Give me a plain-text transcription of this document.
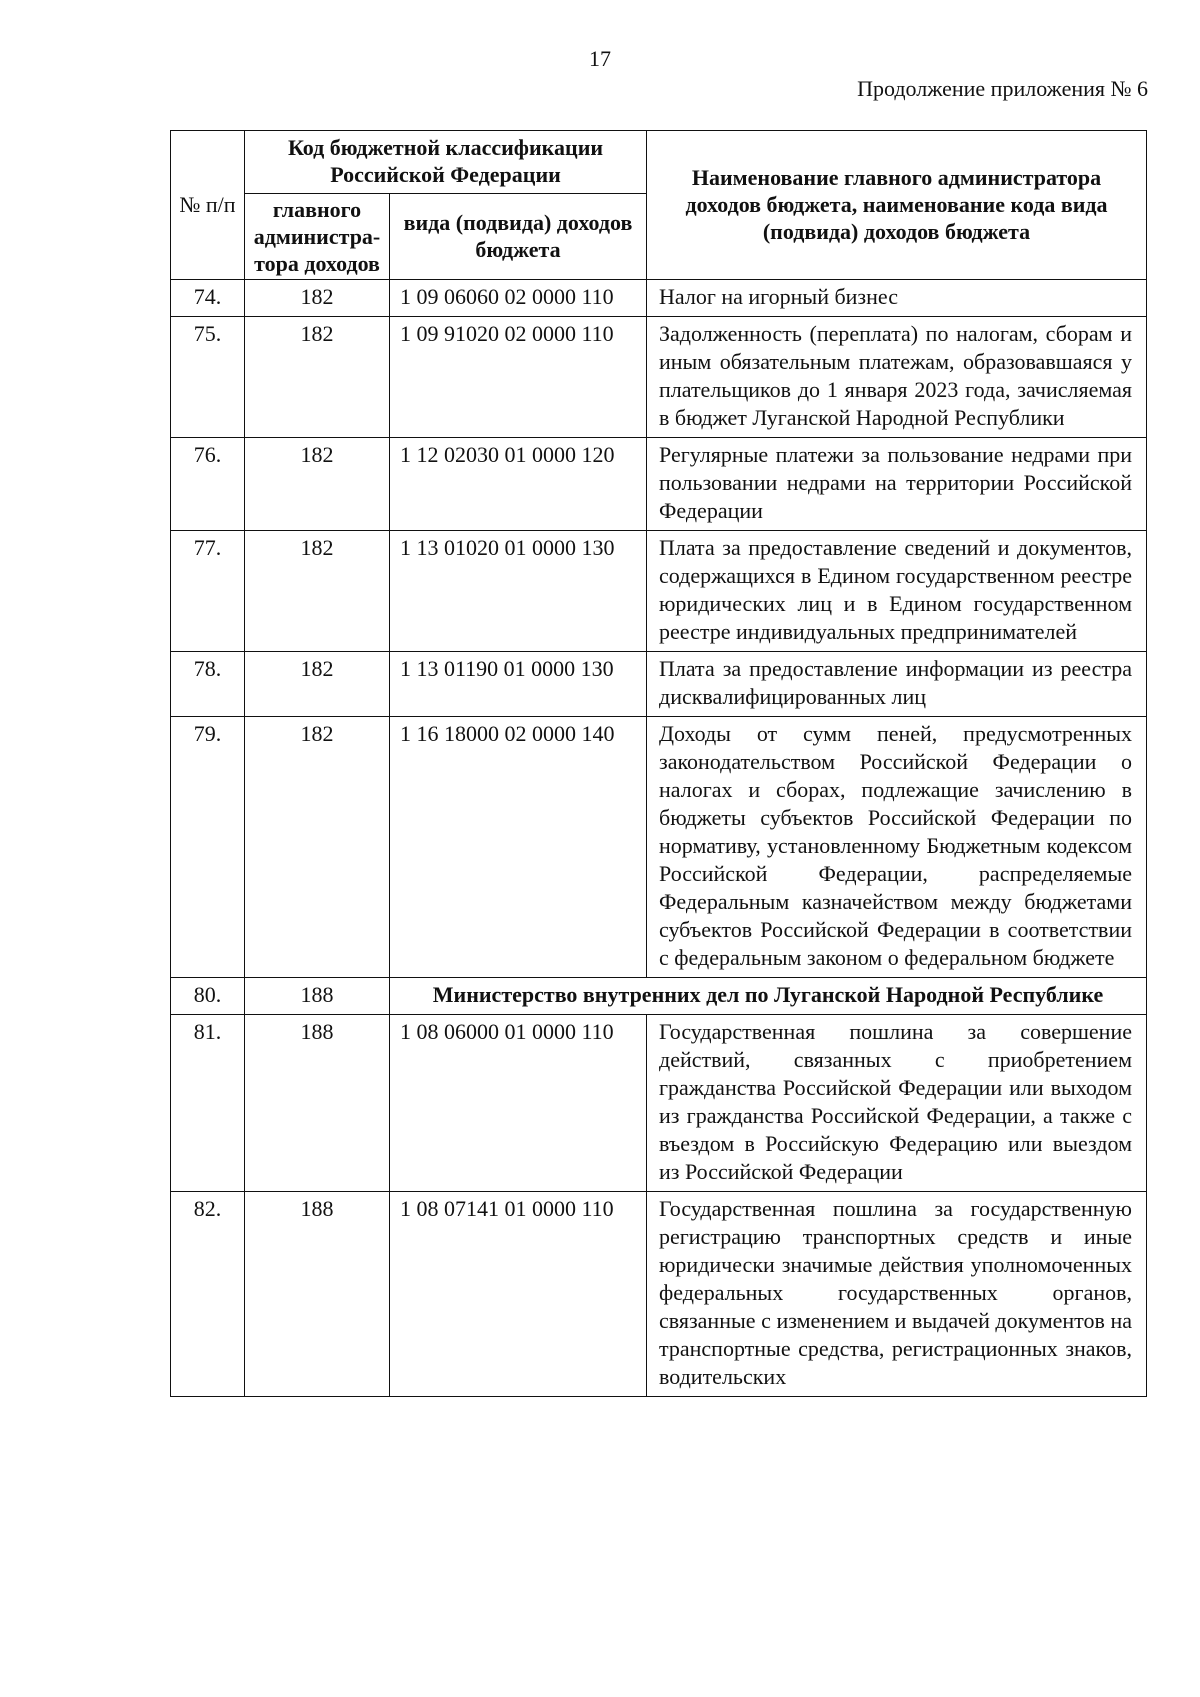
17
Продолжение приложения № 6
№ п/п	Код бюджетной классификации Российской Федерации		Наименование главного администратора доходов бюджета, наименование кода вида (подвида) доходов бюджета
	главного администра-тора доходов	вида (подвида) доходов бюджета	
74.	182	1 09 06060 02 0000 110	Налог на игорный бизнес
75.	182	1 09 91020 02 0000 110	Задолженность (переплата) по налогам, сборам и иным обязательным платежам, образовавшаяся у плательщиков до 1 января 2023 года, зачисляемая в бюджет Луганской Народной Республики
76.	182	1 12 02030 01 0000 120	Регулярные платежи за пользование недрами при пользовании недрами на территории Российской Федерации
77.	182	1 13 01020 01 0000 130	Плата за предоставление сведений и документов, содержащихся в Едином государственном реестре юридических лиц и в Едином государственном реестре индивидуальных предпринимателей
78.	182	1 13 01190 01 0000 130	Плата за предоставление информации из реестра дисквалифицированных лиц
79.	182	1 16 18000 02 0000 140	Доходы от сумм пеней, предусмотренных законодательством Российской Федерации о налогах и сборах, подлежащие зачислению в бюджеты субъектов Российской Федерации по нормативу, установленному Бюджетным кодексом Российской Федерации, распределяемые Федеральным казначейством между бюджетами субъектов Российской Федерации в соответствии с федеральным законом о федеральном бюджете
80.	188	Министерство внутренних дел по Луганской Народной Республике	
81.	188	1 08 06000 01 0000 110	Государственная пошлина за совершение действий, связанных с приобретением гражданства Российской Федерации или выходом из гражданства Российской Федерации, а также с въездом в Российскую Федерацию или выездом из Российской Федерации
82.	188	1 08 07141 01 0000 110	Государственная пошлина за государственную регистрацию транспортных средств и иные юридически значимые действия уполномоченных федеральных государственных органов, связанные с изменением и выдачей документов на транспортные средства, регистрационных знаков, водительских
